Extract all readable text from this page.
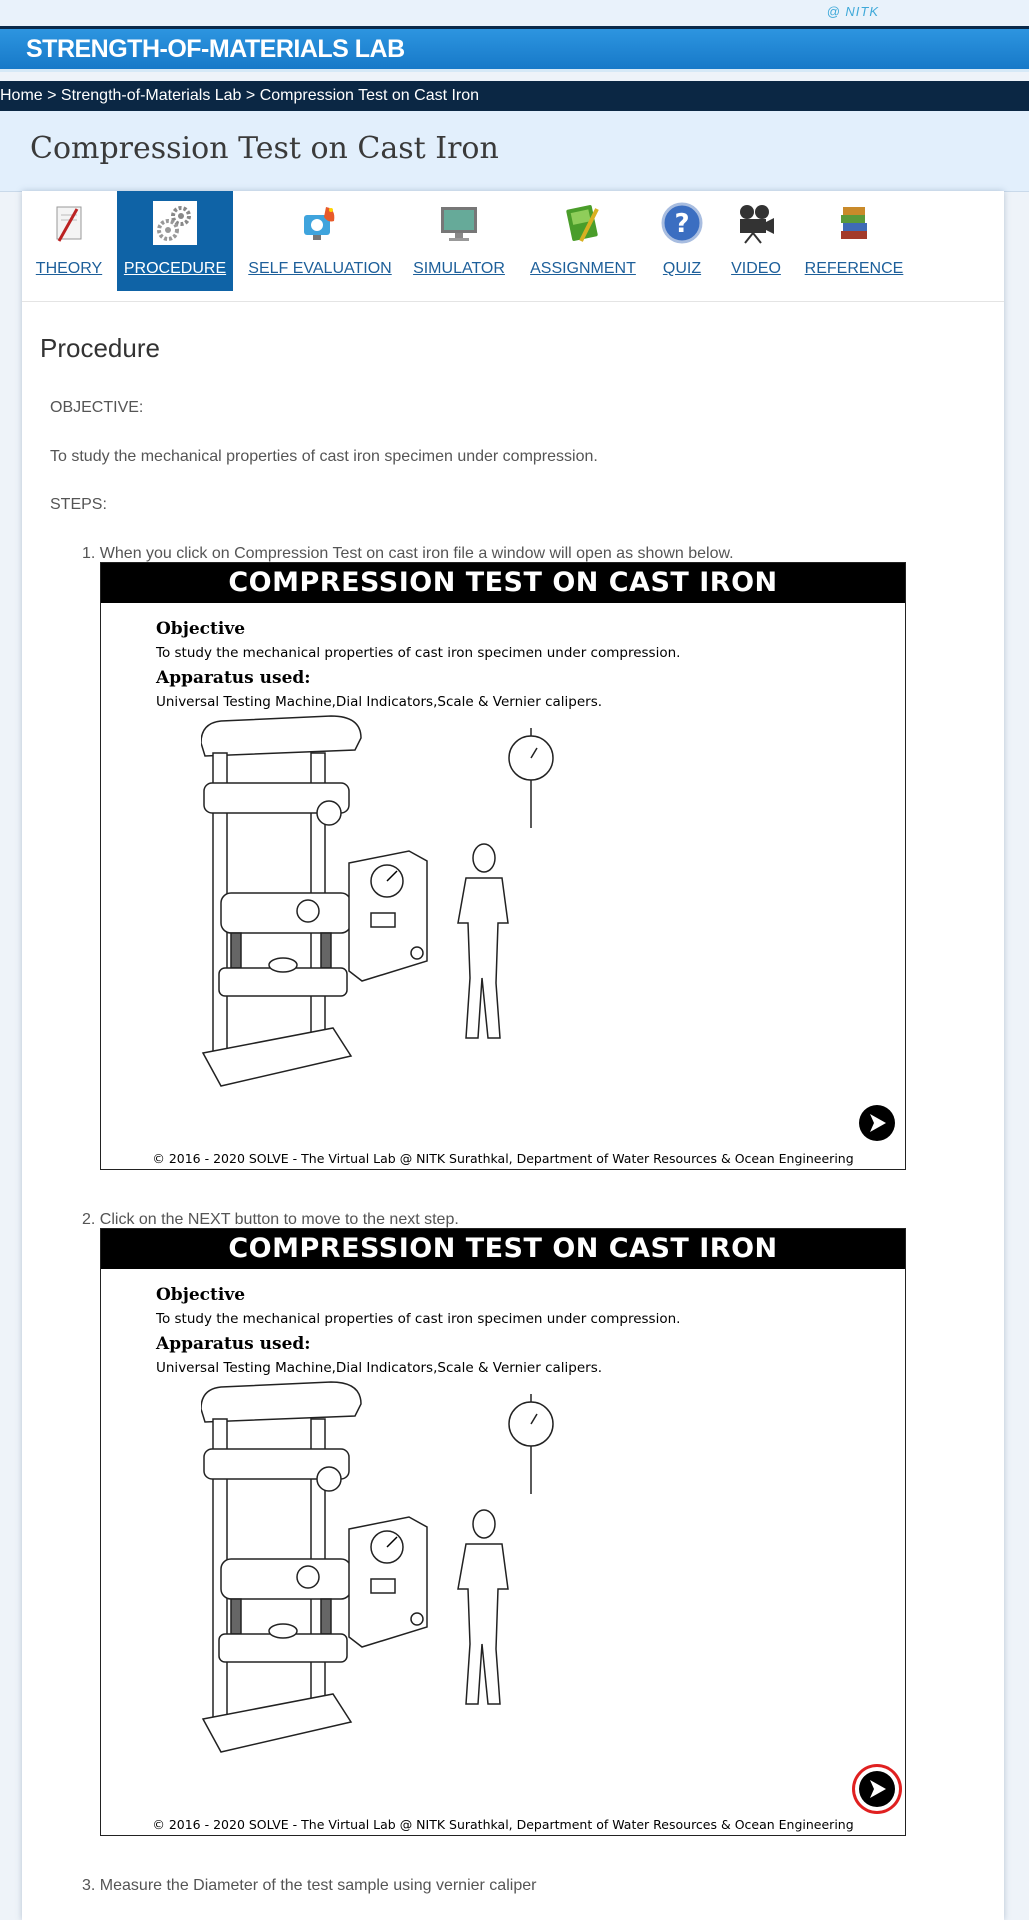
@ NITK
STRENGTH-OF-MATERIALS LAB
Home > Strength-of-Materials Lab > Compression Test on Cast Iron
Compression Test on Cast Iron
THEORY	PROCEDURE	SELF EVALUATION SIMULATOR	ASSIGNMENT
?
QUIZ	VIDEO	REFERENCE
Procedure
OBJECTIVE:
To study the mechanical properties of cast iron specimen under compression.
STEPS:
1. When you click on Compression Test on cast iron file a window will open as shown below.
COMPRESSION TEST ON CAST IRON
Objective
To study the mechanical properties of cast iron specimen under compression.
Apparatus used:
Universal Testing Machine,Dial Indicators,Scale & Vernier calipers.
© 2016 - 2020 SOLVE - The Virtual Lab @ NITK Surathkal, Department of Water Resources & Ocean Engineering
2. Click on the NEXT button to move to the next step.
COMPRESSION TEST ON CAST IRON
Objective
To study the mechanical properties of cast iron specimen under compression.
Apparatus used:
Universal Testing Machine,Dial Indicators,Scale & Vernier calipers.
© 2016 - 2020 SOLVE - The Virtual Lab @ NITK Surathkal, Department of Water Resources & Ocean Engineering
3. Measure the Diameter of the test sample using vernier caliper
